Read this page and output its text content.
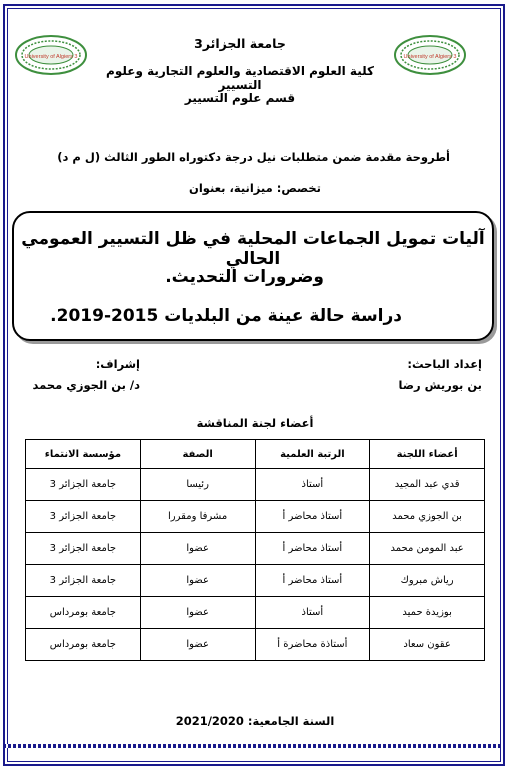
University of Algiers 3	University of Algiers 3
جامعة الجزائر3
كلية العلوم الاقتصادية والعلوم التجارية وعلوم التسيير
قسم علوم التسيير
أطروحة مقدمة ضمن متطلبات نيل درجة دكتوراه الطور الثالث (ل م د)
تخصص: ميزانية، بعنوان
آليات تمويل الجماعات المحلية في ظل التسيير العمومي الحالي
وضرورات التحديث.
دراسة حالة عينة من البلديات 2015-2019.
إعداد الباحث:
بن بوريش رضا
إشراف:
د/ بن الجوزي محمد
أعضاء لجنة المناقشة
أعضاء اللجنة	الرتبة العلمية	الصفة	مؤسسة الانتماء
قدي عبد المجيد	أستاذ	رئيسا	جامعة الجزائر 3
بن الجوزي محمد	أستاذ محاضر أ	مشرفا ومقررا	جامعة الجزائر 3
عبد المومن محمد	أستاذ محاضر أ	عضوا	جامعة الجزائر 3
رياش مبروك	أستاذ محاضر أ	عضوا	جامعة الجزائر 3
بوزيدة حميد	أستاذ	عضوا	جامعة بومرداس
عقون سعاد	أستاذة محاضرة أ	عضوا	جامعة بومرداس
السنة الجامعية: 2021/2020
